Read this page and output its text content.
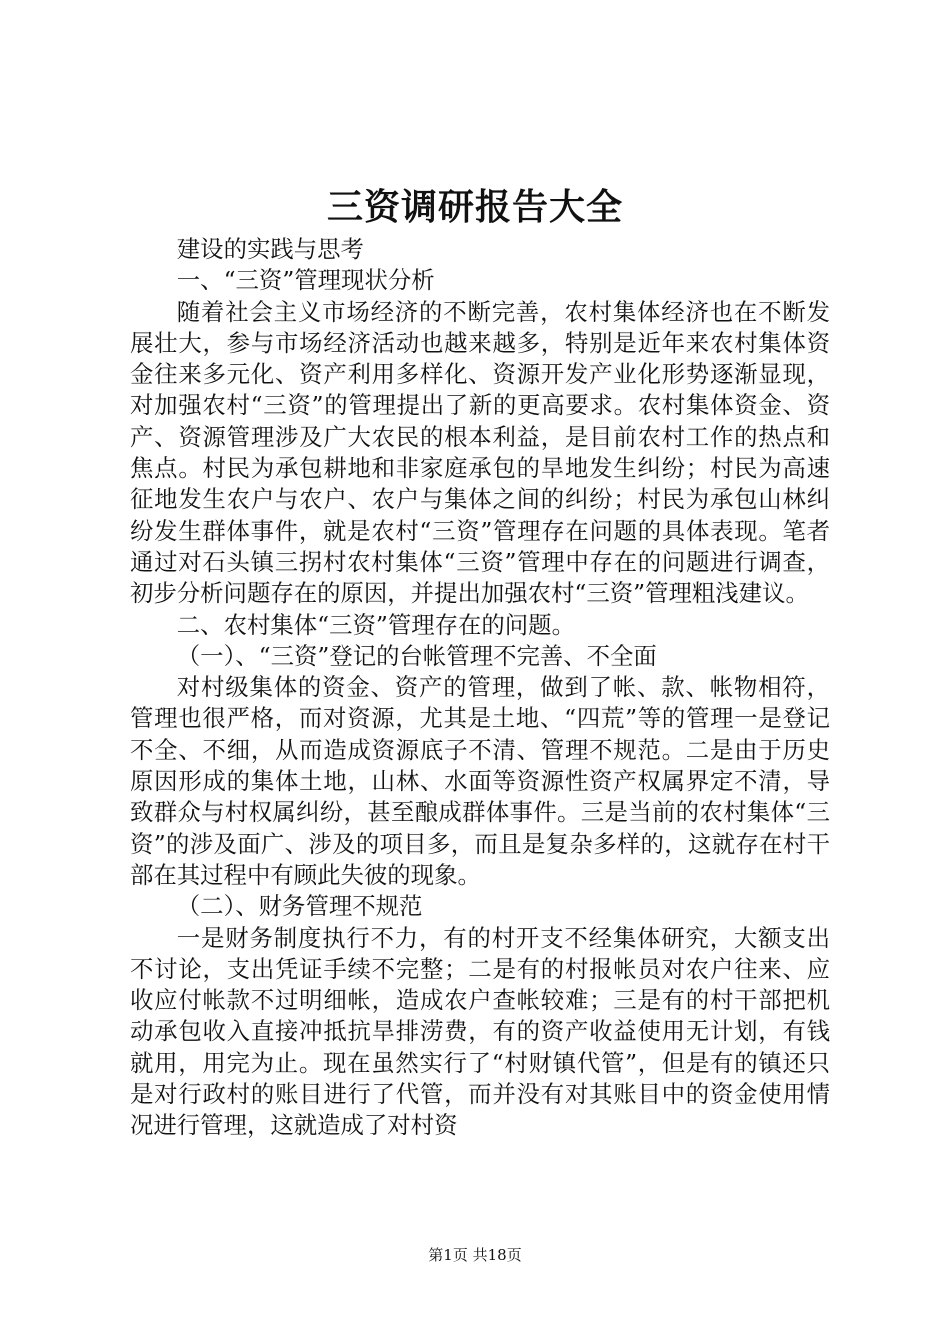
三资调研报告大全

建设的实践与思考

一、“三资”管理现状分析

随着社会主义市场经济的不断完善，农村集体经济也在不断发展壮大，参与市场经济活动也越来越多，特别是近年来农村集体资金往来多元化、资产利用多样化、资源开发产业化形势逐渐显现，对加强农村“三资”的管理提出了新的更高要求。农村集体资金、资产、资源管理涉及广大农民的根本利益，是目前农村工作的热点和焦点。村民为承包耕地和非家庭承包的旱地发生纠纷；村民为高速征地发生农户与农户、农户与集体之间的纠纷；村民为承包山林纠纷发生群体事件，就是农村“三资”管理存在问题的具体表现。笔者通过对石头镇三拐村农村集体“三资”管理中存在的问题进行调查，初步分析问题存在的原因，并提出加强农村“三资”管理粗浅建议。

二、农村集体“三资”管理存在的问题。

（一）、“三资”登记的台帐管理不完善、不全面

对村级集体的资金、资产的管理，做到了帐、款、帐物相符，管理也很严格，而对资源，尤其是土地、“四荒”等的管理一是登记不全、不细，从而造成资源底子不清、管理不规范。二是由于历史原因形成的集体土地，山林、水面等资源性资产权属界定不清，导致群众与村权属纠纷，甚至酿成群体事件。三是当前的农村集体“三资”的涉及面广、涉及的项目多，而且是复杂多样的，这就存在村干部在其过程中有顾此失彼的现象。

（二）、财务管理不规范

一是财务制度执行不力，有的村开支不经集体研究，大额支出不讨论，支出凭证手续不完整；二是有的村报帐员对农户往来、应收应付帐款不过明细帐，造成农户查帐较难；三是有的村干部把机动承包收入直接冲抵抗旱排涝费，有的资产收益使用无计划，有钱就用，用完为止。现在虽然实行了“村财镇代管”，但是有的镇还只是对行政村的账目进行了代管，而并没有对其账目中的资金使用情况进行管理，这就造成了对村资

第1页 共18页
